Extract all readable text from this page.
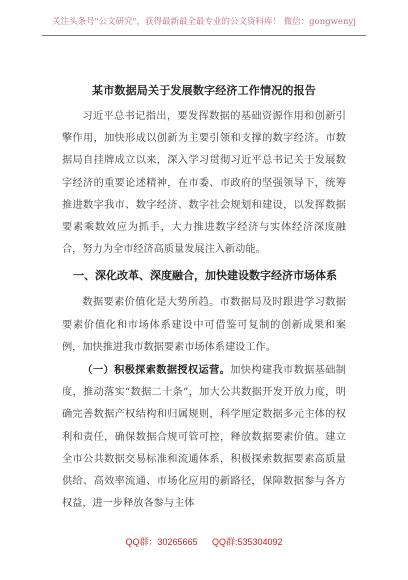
关注头条号"公文研究"，获得最新最全最专业的公文资料库！ 微信：gongwenyj
某市数据局关于发展数字经济工作情况的报告

习近平总书记指出，要发挥数据的基础资源作用和创新引擎作用，加快形成以创新为主要引领和支撑的数字经济。市数据局自挂牌成立以来，深入学习贯彻习近平总书记关于发展数字经济的重要论述精神，在市委、市政府的坚强领导下，统筹推进数字我市、数字经济、数字社会规划和建设，以发挥数据要素乘数效应为抓手，大力推进数字经济与实体经济深度融合，努力为全市经济高质量发展注入新动能。

一、深化改革、深度融合，加快建设数字经济市场体系

数据要素价值化是大势所趋。市数据局及时跟进学习数据要素价值化和市场体系建设中可借鉴可复制的创新成果和案例，加快推进我市数据要素市场体系建设工作。

（一）积极探索数据授权运营。加快构建我市数据基础制度，推动落实“数据二十条”，加大公共数据开发开放力度，明确完善数据产权结构和归属规则，科学厘定数据多元主体的权利和责任，确保数据合规可管可控，释放数据要素价值。建立全市公共数据交易标准和流通体系，积极探索数据要素高质量供给、高效率流通、市场化应用的新路径，保障数据参与各方权益，进一步释放各参与主体

QQ群：30265665 QQ群:535304092
